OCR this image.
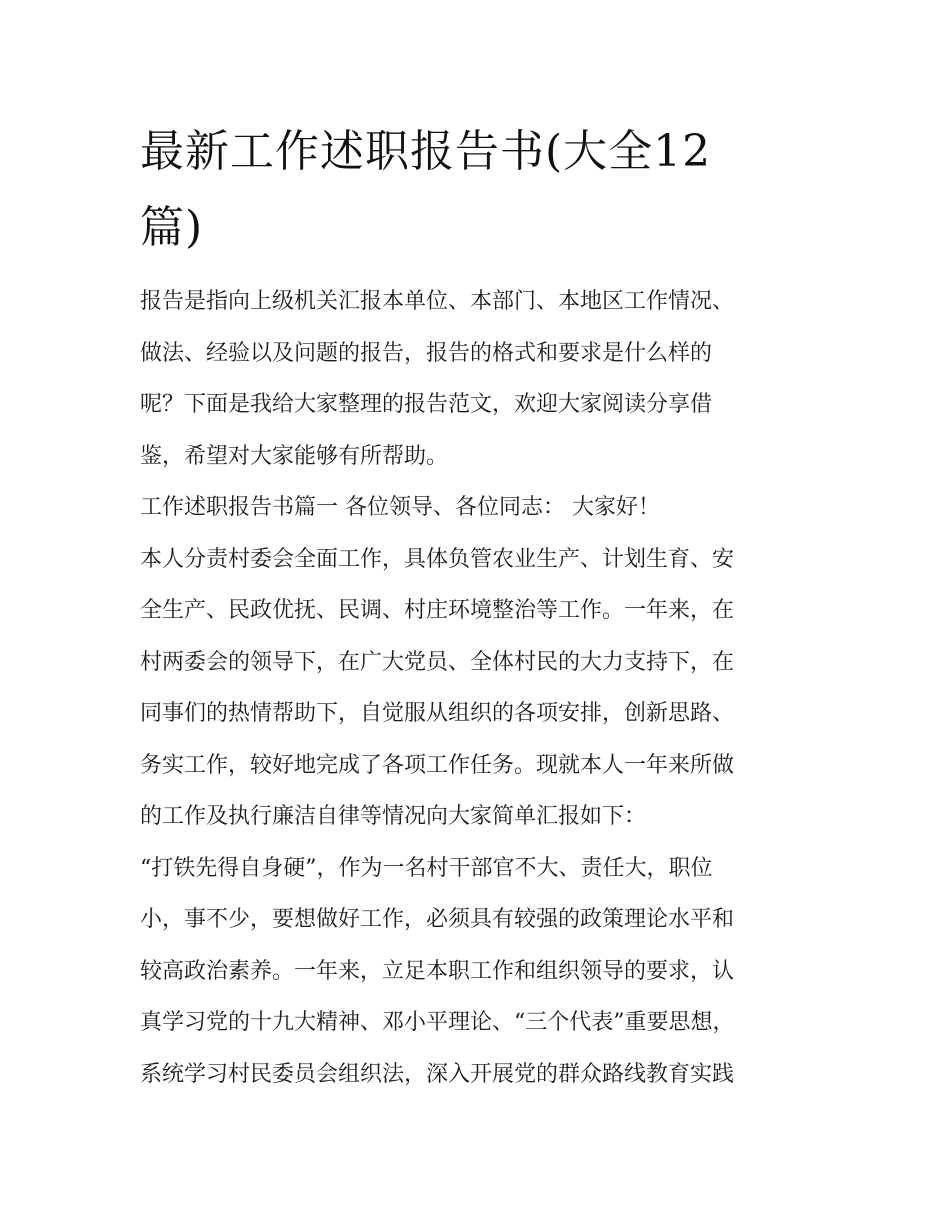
最新工作述职报告书(大全12
篇)

报告是指向上级机关汇报本单位、本部门、本地区工作情况、
做法、经验以及问题的报告，报告的格式和要求是什么样的
呢？下面是我给大家整理的报告范文，欢迎大家阅读分享借
鉴，希望对大家能够有所帮助。

工作述职报告书篇一 各位领导、各位同志： 大家好！

本人分责村委会全面工作，具体负管农业生产、计划生育、安
全生产、民政优抚、民调、村庄环境整治等工作。一年来，在
村两委会的领导下，在广大党员、全体村民的大力支持下，在
同事们的热情帮助下，自觉服从组织的各项安排，创新思路、
务实工作，较好地完成了各项工作任务。现就本人一年来所做
的工作及执行廉洁自律等情况向大家简单汇报如下：

“打铁先得自身硬”，作为一名村干部官不大、责任大，职位
小，事不少，要想做好工作，必须具有较强的政策理论水平和
较高政治素养。一年来，立足本职工作和组织领导的要求，认
真学习党的十九大精神、邓小平理论、“三个代表”重要思想，
系统学习村民委员会组织法，深入开展党的群众路线教育实践
